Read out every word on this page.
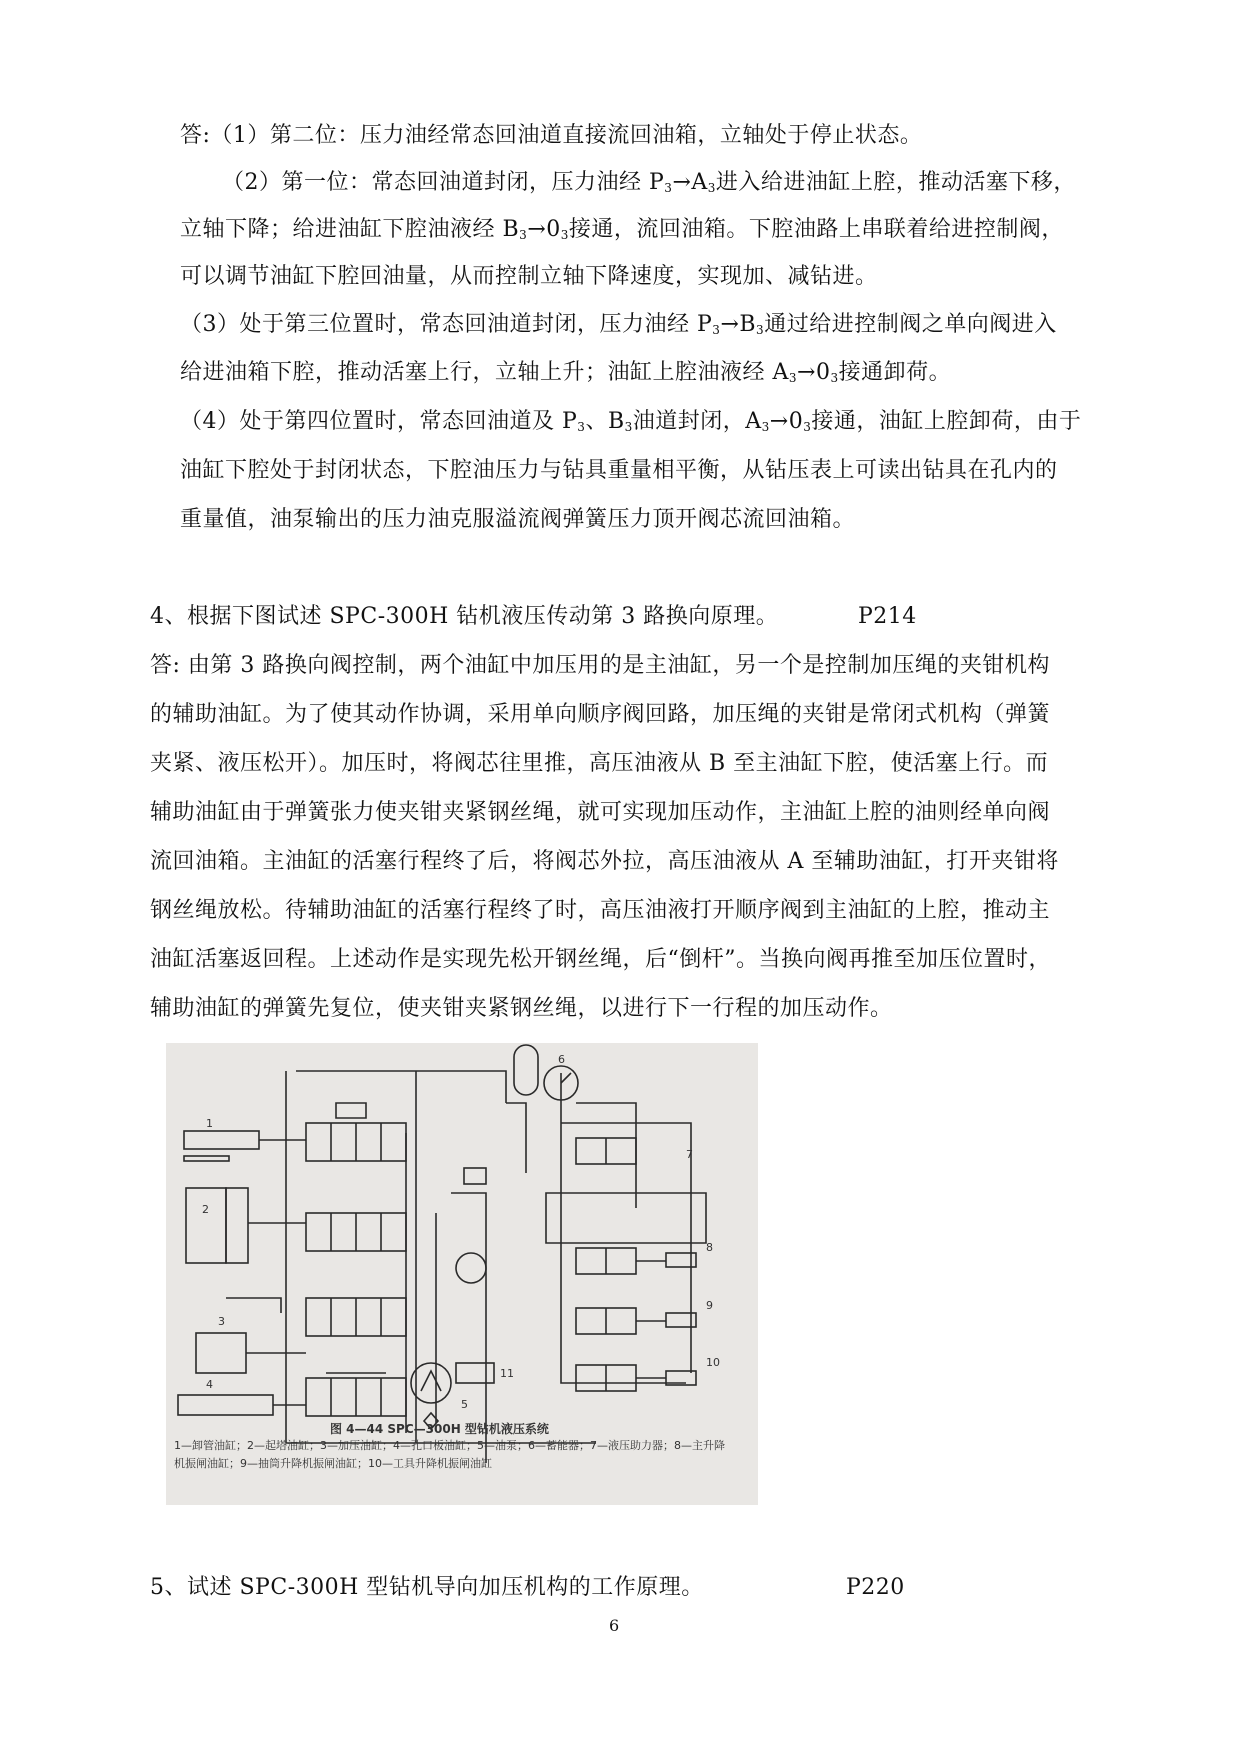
答:（1）第二位：压力油经常态回油道直接流回油箱，立轴处于停止状态。

（2）第一位：常态回油道封闭，压力油经 $P_3\to A_3$进入给进油缸上腔，推动活塞下移，

立轴下降；给进油缸下腔油液经 $B_3\to 0_3$接通，流回油箱。下腔油路上串联着给进控制阀，

可以调节油缸下腔回油量，从而控制立轴下降速度，实现加、减钻进。

（3）处于第三位置时，常态回油道封闭，压力油经 $P_3\to B_3$通过给进控制阀之单向阀进入

给进油箱下腔，推动活塞上行，立轴上升；油缸上腔油液经 $A_3\to 0_3$接通卸荷。

（4）处于第四位置时，常态回油道及 $P_3$、$B_3$油道封闭，$A_3\to 0_3$接通，油缸上腔卸荷，由于

油缸下腔处于封闭状态，下腔油压力与钻具重量相平衡，从钻压表上可读出钻具在孔内的

重量值，油泵输出的压力油克服溢流阀弹簧压力顶开阀芯流回油箱。

4、根据下图试述 SPC-300H 钻机液压传动第 3 路换向原理。	P214

答: 由第 3 路换向阀控制，两个油缸中加压用的是主油缸，另一个是控制加压绳的夹钳机构

的辅助油缸。为了使其动作协调，采用单向顺序阀回路，加压绳的夹钳是常闭式机构（弹簧

夹紧、液压松开）。加压时，将阀芯往里推，高压油液从 B 至主油缸下腔，使活塞上行。而

辅助油缸由于弹簧张力使夹钳夹紧钢丝绳，就可实现加压动作，主油缸上腔的油则经单向阀

流回油箱。主油缸的活塞行程终了后，将阀芯外拉，高压油液从 A 至辅助油缸，打开夹钳将

钢丝绳放松。待辅助油缸的活塞行程终了时，高压油液打开顺序阀到主油缸的上腔，推动主

油缸活塞返回程。上述动作是实现先松开钢丝绳，后“倒杆”。当换向阀再推至加压位置时，

辅助油缸的弹簧先复位，使夹钳夹紧钢丝绳，以进行下一行程的加压动作。

1
2
3
4
5
6
7
8
9
10
11
图 4—44 SPC—300H 型钻机液压系统
1—卸管油缸；2—起塔油缸；3—加压油缸；4—孔口板油缸；5—油泵；6—蓄能器；7—液压助力器；8—主升降
机振闸油缸；9—抽筒升降机振闸油缸；10—工具升降机振闸油缸

5、试述 SPC-300H 型钻机导向加压机构的工作原理。	P220

6
